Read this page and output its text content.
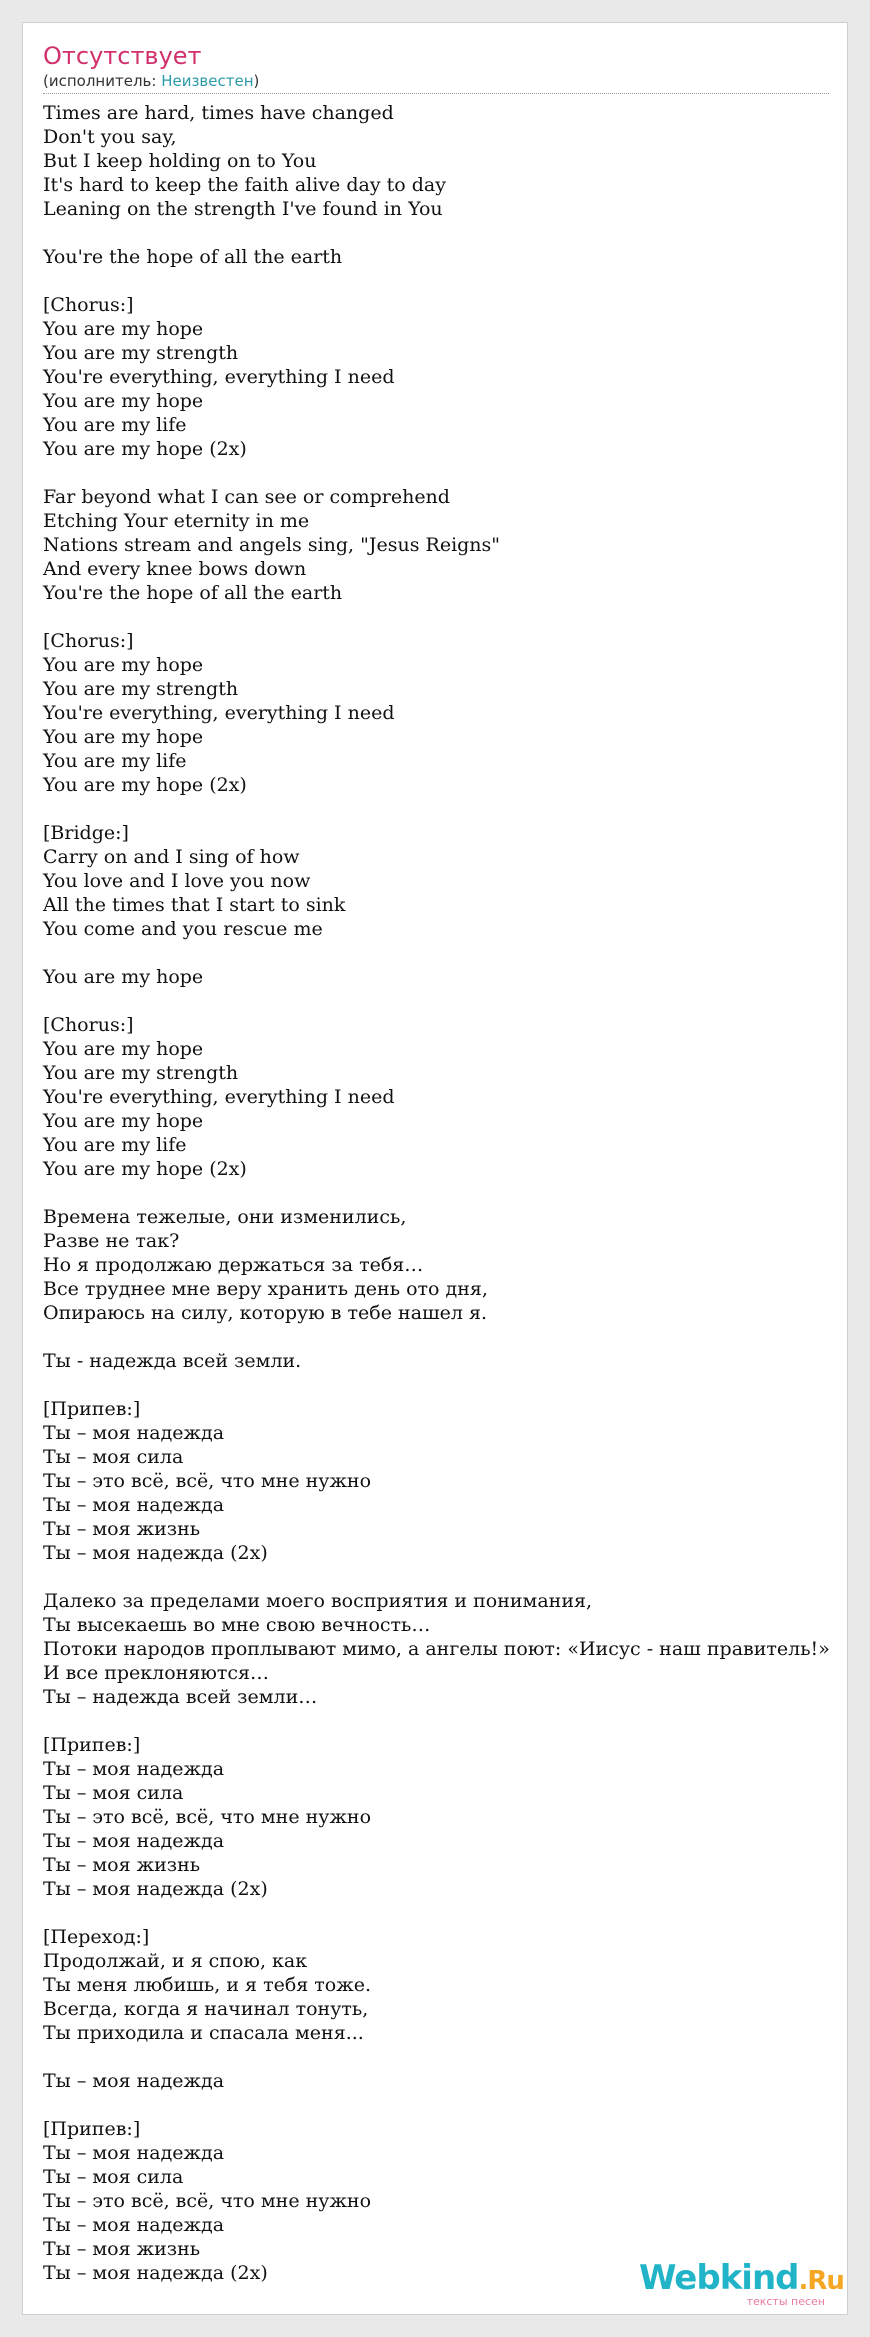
Отсутствует
(исполнитель: Неизвестен)
Times are hard, times have changed
Don't you say,
But I keep holding on to You
It's hard to keep the faith alive day to day
Leaning on the strength I've found in You
You're the hope of all the earth
[Chorus:]
You are my hope
You are my strength
You're everything, everything I need
You are my hope
You are my life
You are my hope (2x)
Far beyond what I can see or comprehend
Etching Your eternity in me
Nations stream and angels sing, "Jesus Reigns"
And every knee bows down
You're the hope of all the earth
[Chorus:]
You are my hope
You are my strength
You're everything, everything I need
You are my hope
You are my life
You are my hope (2x)
[Bridge:]
Carry on and I sing of how
You love and I love you now
All the times that I start to sink
You come and you rescue me
You are my hope
[Chorus:]
You are my hope
You are my strength
You're everything, everything I need
You are my hope
You are my life
You are my hope (2x)
Времена тежелые, они изменились,
Разве не так?
Но я продолжаю держаться за тебя…
Все труднее мне веру хранить день ото дня,
Опираюсь на силу, которую в тебе нашел я.
Ты - надежда всей земли.
[Припев:]
Ты – моя надежда
Ты – моя сила
Ты – это всё, всё, что мне нужно
Ты – моя надежда
Ты – моя жизнь
Ты – моя надежда (2x)
Далеко за пределами моего восприятия и понимания,
Ты высекаешь во мне свою вечность…
Потоки народов проплывают мимо, а ангелы поют: «Иисус - наш правитель!»
И все преклоняются…
Ты – надежда всей земли…
[Припев:]
Ты – моя надежда
Ты – моя сила
Ты – это всё, всё, что мне нужно
Ты – моя надежда
Ты – моя жизнь
Ты – моя надежда (2x)
[Переход:]
Продолжай, и я спою, как
Ты меня любишь, и я тебя тоже.
Всегда, когда я начинал тонуть,
Ты приходила и спасала меня...
Ты – моя надежда
[Припев:]
Ты – моя надежда
Ты – моя сила
Ты – это всё, всё, что мне нужно
Ты – моя надежда
Ты – моя жизнь
Ты – моя надежда (2x)	Webkind.Ru
тексты песен
